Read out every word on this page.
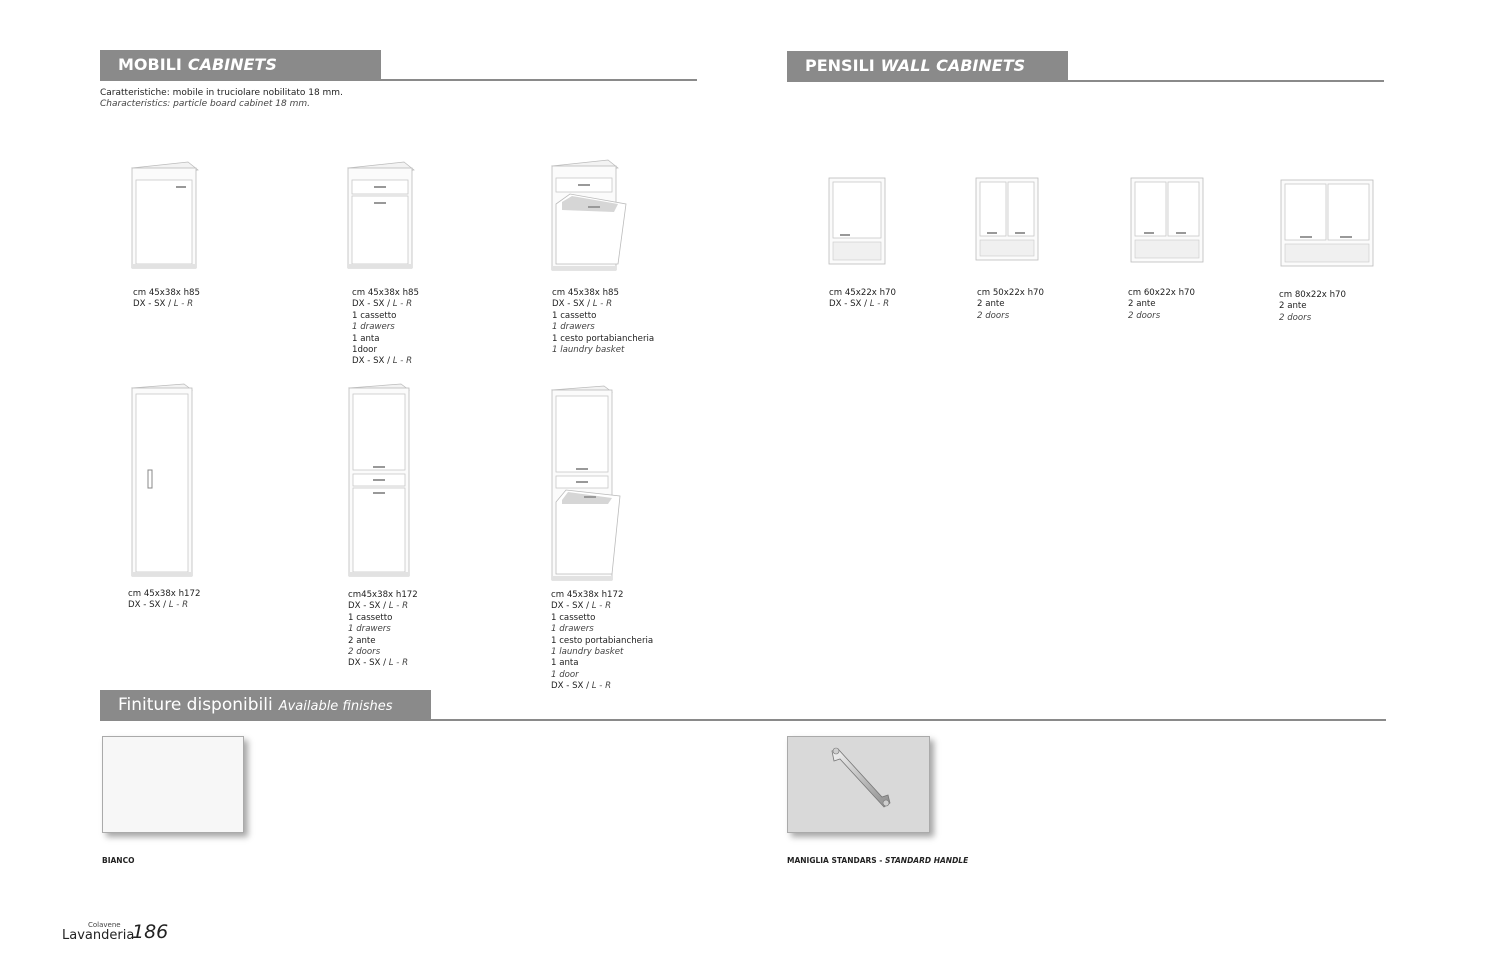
MOBILI CABINETS	PENSILI WALL CABINETS
Finiture disponibili Available finishes
Caratteristiche: mobile in truciolare nobilitato 18 mm.
Characteristics: particle board cabinet 18 mm.
cm 45x38x h85
DX - SX / L - R
cm 45x38x h85
DX - SX / L - R
1 cassetto
1 drawers
1 anta
1door
DX - SX / L - R
cm 45x38x h85
DX - SX / L - R
1 cassetto
1 drawers
1 cesto portabiancheria
1 laundry basket
cm 45x38x h172
DX - SX / L - R
cm45x38x h172
DX - SX / L - R
1 cassetto
1 drawers
2 ante
2 doors
DX - SX / L - R
cm 45x38x h172
DX - SX / L - R
1 cassetto
1 drawers
1 cesto portabiancheria
1 laundry basket
1 anta
1 door
DX - SX / L - R
cm 45x22x h70
DX - SX / L - R
cm 50x22x h70
2 ante
2 doors
cm 60x22x h70
2 ante
2 doors
cm 80x22x h70
2 ante
2 doors
BIANCO	MANIGLIA STANDARS - STANDARD HANDLE
Colavene
Lavanderia
186
